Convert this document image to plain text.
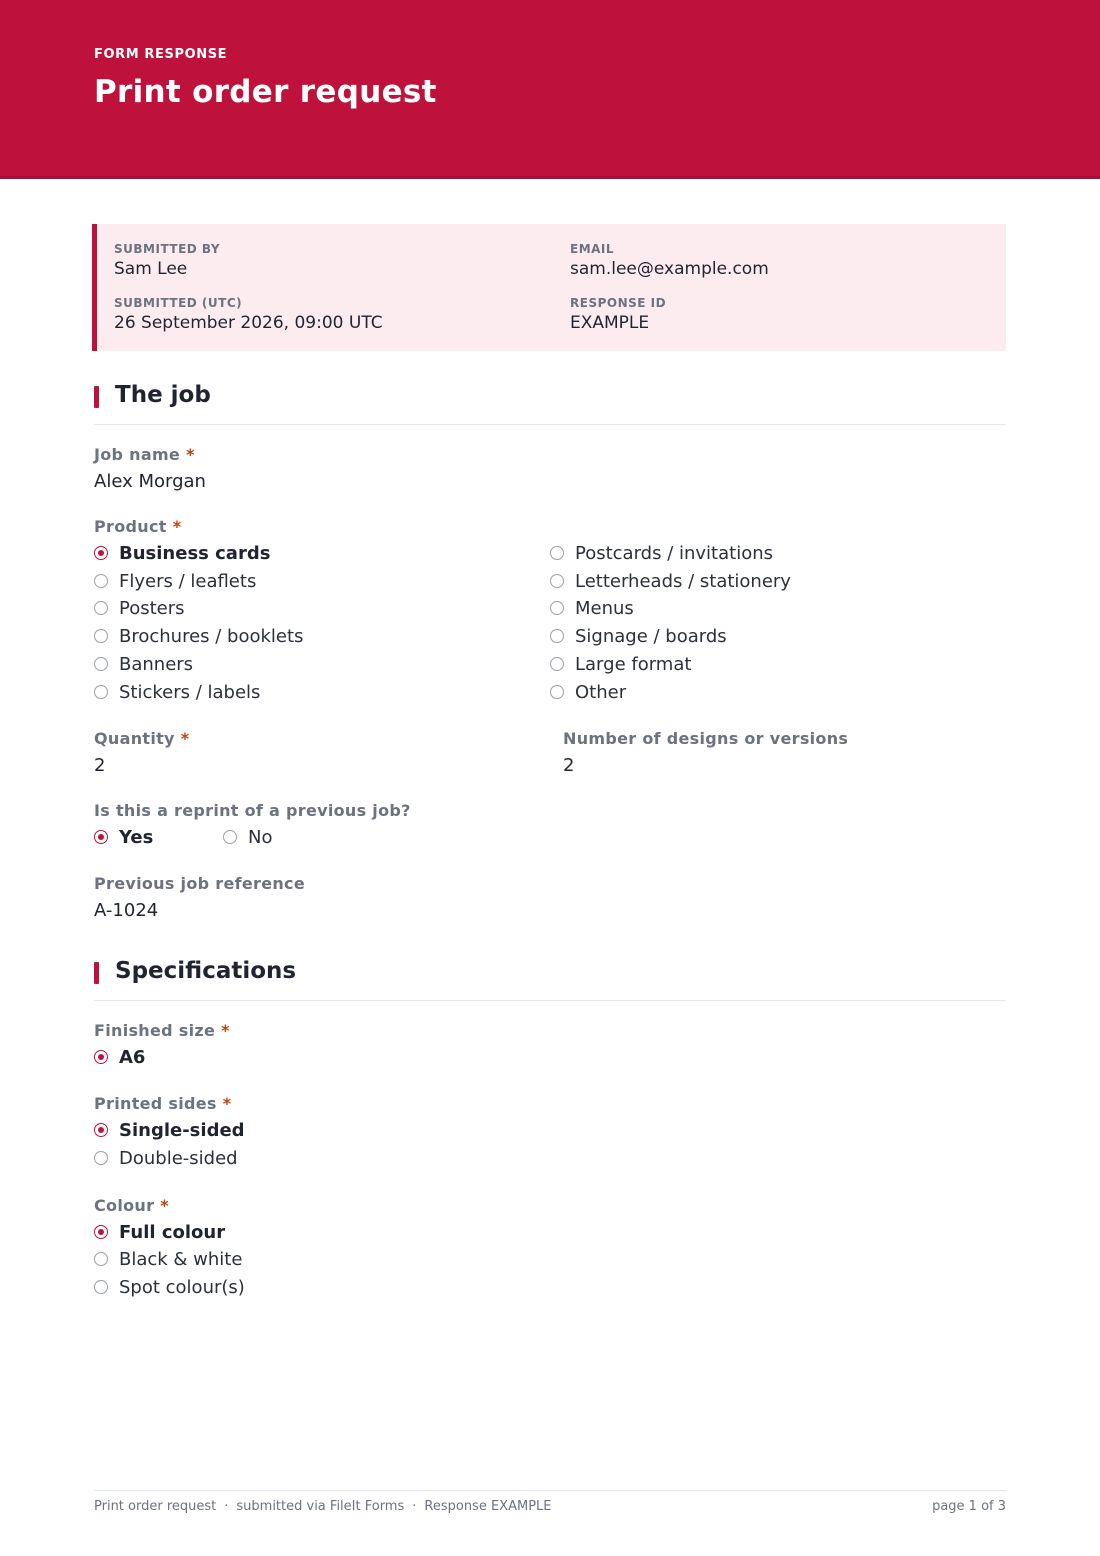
FORM RESPONSE
Print order request
SUBMITTED BY
Sam Lee
EMAIL
sam.lee@example.com
SUBMITTED (UTC)
26 September 2026, 09:00 UTC
RESPONSE ID
EXAMPLE
The job
Job name *
Alex Morgan
Product *
Business cards
Flyers / leaflets
Posters
Brochures / booklets
Banners
Stickers / labels
Postcards / invitations
Letterheads / stationery
Menus
Signage / boards
Large format
Other
Quantity *
2
Number of designs or versions
2
Is this a reprint of a previous job?
Yes	No
Previous job reference
A-1024
Specifications
Finished size *
A6
Printed sides *
Single-sided
Double-sided
Colour *
Full colour
Black & white
Spot colour(s)
Print order request · submitted via FileIt Forms · Response EXAMPLE	page 1 of 3
